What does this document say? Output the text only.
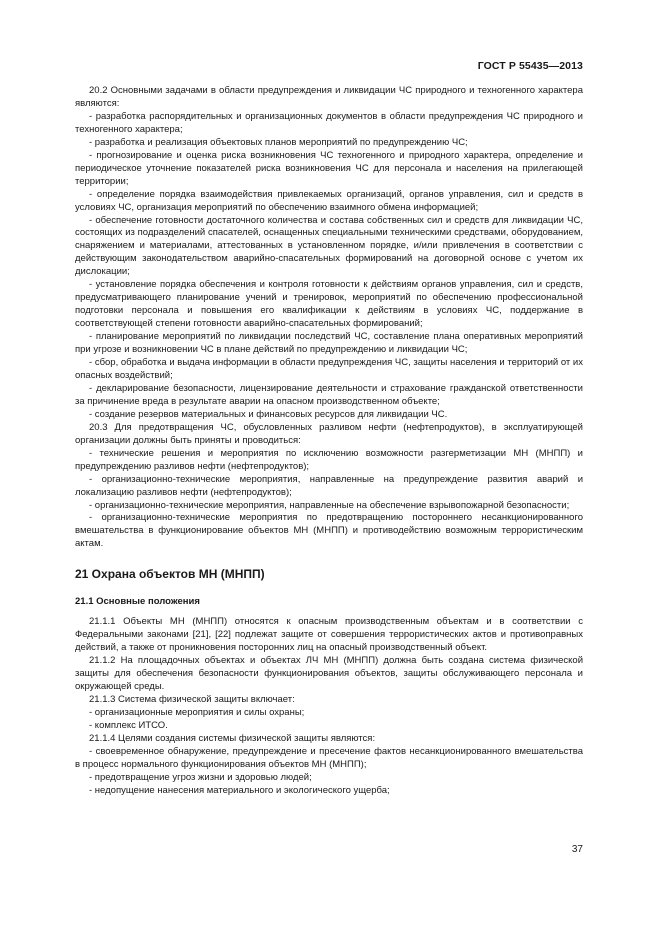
ГОСТ Р 55435—2013

20.2 Основными задачами в области предупреждения и ликвидации ЧС природного и техногенного характера являются:

- разработка распорядительных и организационных документов в области предупреждения ЧС природного и техногенного характера;

- разработка и реализация объектовых планов мероприятий по предупреждению ЧС;

- прогнозирование и оценка риска возникновения ЧС техногенного и природного характера, определение и периодическое уточнение показателей риска возникновения ЧС для персонала и населения на прилегающей территории;

- определение порядка взаимодействия привлекаемых организаций, органов управления, сил и средств в условиях ЧС, организация мероприятий по обеспечению взаимного обмена информацией;

- обеспечение готовности достаточного количества и состава собственных сил и средств для ликвидации ЧС, состоящих из подразделений спасателей, оснащенных специальными техническими средствами, оборудованием, снаряжением и материалами, аттестованных в установленном порядке, и/или привлечения в соответствии с действующим законодательством аварийно-спасательных формирований на договорной основе с учетом их дислокации;

- установление порядка обеспечения и контроля готовности к действиям органов управления, сил и средств, предусматривающего планирование учений и тренировок, мероприятий по обеспечению профессиональной подготовки персонала и повышения его квалификации к действиям в условиях ЧС, поддержание в соответствующей степени готовности аварийно-спасательных формирований;

- планирование мероприятий по ликвидации последствий ЧС, составление плана оперативных мероприятий при угрозе и возникновении ЧС в плане действий по предупреждению и ликвидации ЧС;

- сбор, обработка и выдача информации в области предупреждения ЧС, защиты населения и территорий от их опасных воздействий;

- декларирование безопасности, лицензирование деятельности и страхование гражданской ответственности за причинение вреда в результате аварии на опасном производственном объекте;

- создание резервов материальных и финансовых ресурсов для ликвидации ЧС.

20.3 Для предотвращения ЧС, обусловленных разливом нефти (нефтепродуктов), в эксплуатирующей организации должны быть приняты и проводиться:

- технические решения и мероприятия по исключению возможности разгерметизации МН (МНПП) и предупреждению разливов нефти (нефтепродуктов);

- организационно-технические мероприятия, направленные на предупреждение развития аварий и локализацию разливов нефти (нефтепродуктов);

- организационно-технические мероприятия, направленные на обеспечение взрывопожарной безопасности;

- организационно-технические мероприятия по предотвращению постороннего несанкционированного вмешательства в функционирование объектов МН (МНПП) и противодействию возможным террористическим актам.

21 Охрана объектов МН (МНПП)
21.1 Основные положения

21.1.1 Объекты МН (МНПП) относятся к опасным производственным объектам и в соответствии с Федеральными законами [21], [22] подлежат защите от совершения террористических актов и противоправных действий, а также от проникновения посторонних лиц на опасный производственный объект.

21.1.2 На площадочных объектах и объектах ЛЧ МН (МНПП) должна быть создана система физической защиты для обеспечения безопасности функционирования объектов, защиты обслуживающего персонала и окружающей среды.

21.1.3 Система физической защиты включает:

- организационные мероприятия и силы охраны;

- комплекс ИТСО.

21.1.4 Целями создания системы физической защиты являются:

- своевременное обнаружение, предупреждение и пресечение фактов несанкционированного вмешательства в процесс нормального функционирования объектов МН (МНПП);

- предотвращение угроз жизни и здоровью людей;

- недопущение нанесения материального и экологического ущерба;

37
